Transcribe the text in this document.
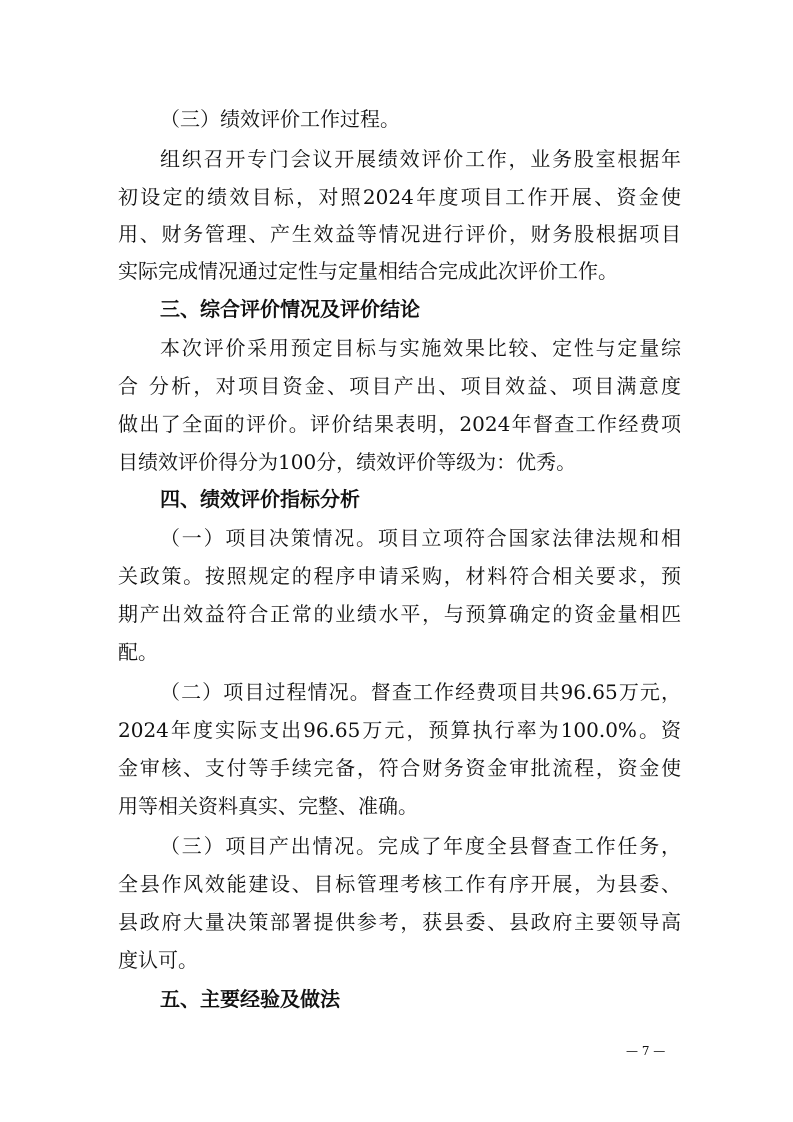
（三）绩效评价工作过程。
组织召开专门会议开展绩效评价工作，业务股室根据年
初设定的绩效目标，对照2024年度项目工作开展、资金使
用、财务管理、产生效益等情况进行评价，财务股根据项目
实际完成情况通过定性与定量相结合完成此次评价工作。
三、综合评价情况及评价结论
本次评价采用预定目标与实施效果比较、定性与定量综
合 分析，对项目资金、项目产出、项目效益、项目满意度
做出了全面的评价。评价结果表明，2024年督查工作经费项
目绩效评价得分为100分，绩效评价等级为：优秀。
四、绩效评价指标分析
（一）项目决策情况。项目立项符合国家法律法规和相
关政策。按照规定的程序申请采购，材料符合相关要求，预
期产出效益符合正常的业绩水平，与预算确定的资金量相匹
配。
（二）项目过程情况。督查工作经费项目共96.65万元，
2024年度实际支出96.65万元，预算执行率为100.0%。资
金审核、支付等手续完备，符合财务资金审批流程，资金使
用等相关资料真实、完整、准确。
（三）项目产出情况。完成了年度全县督查工作任务，
全县作风效能建设、目标管理考核工作有序开展，为县委、
县政府大量决策部署提供参考，获县委、县政府主要领导高
度认可。
五、主要经验及做法
— 7 —
